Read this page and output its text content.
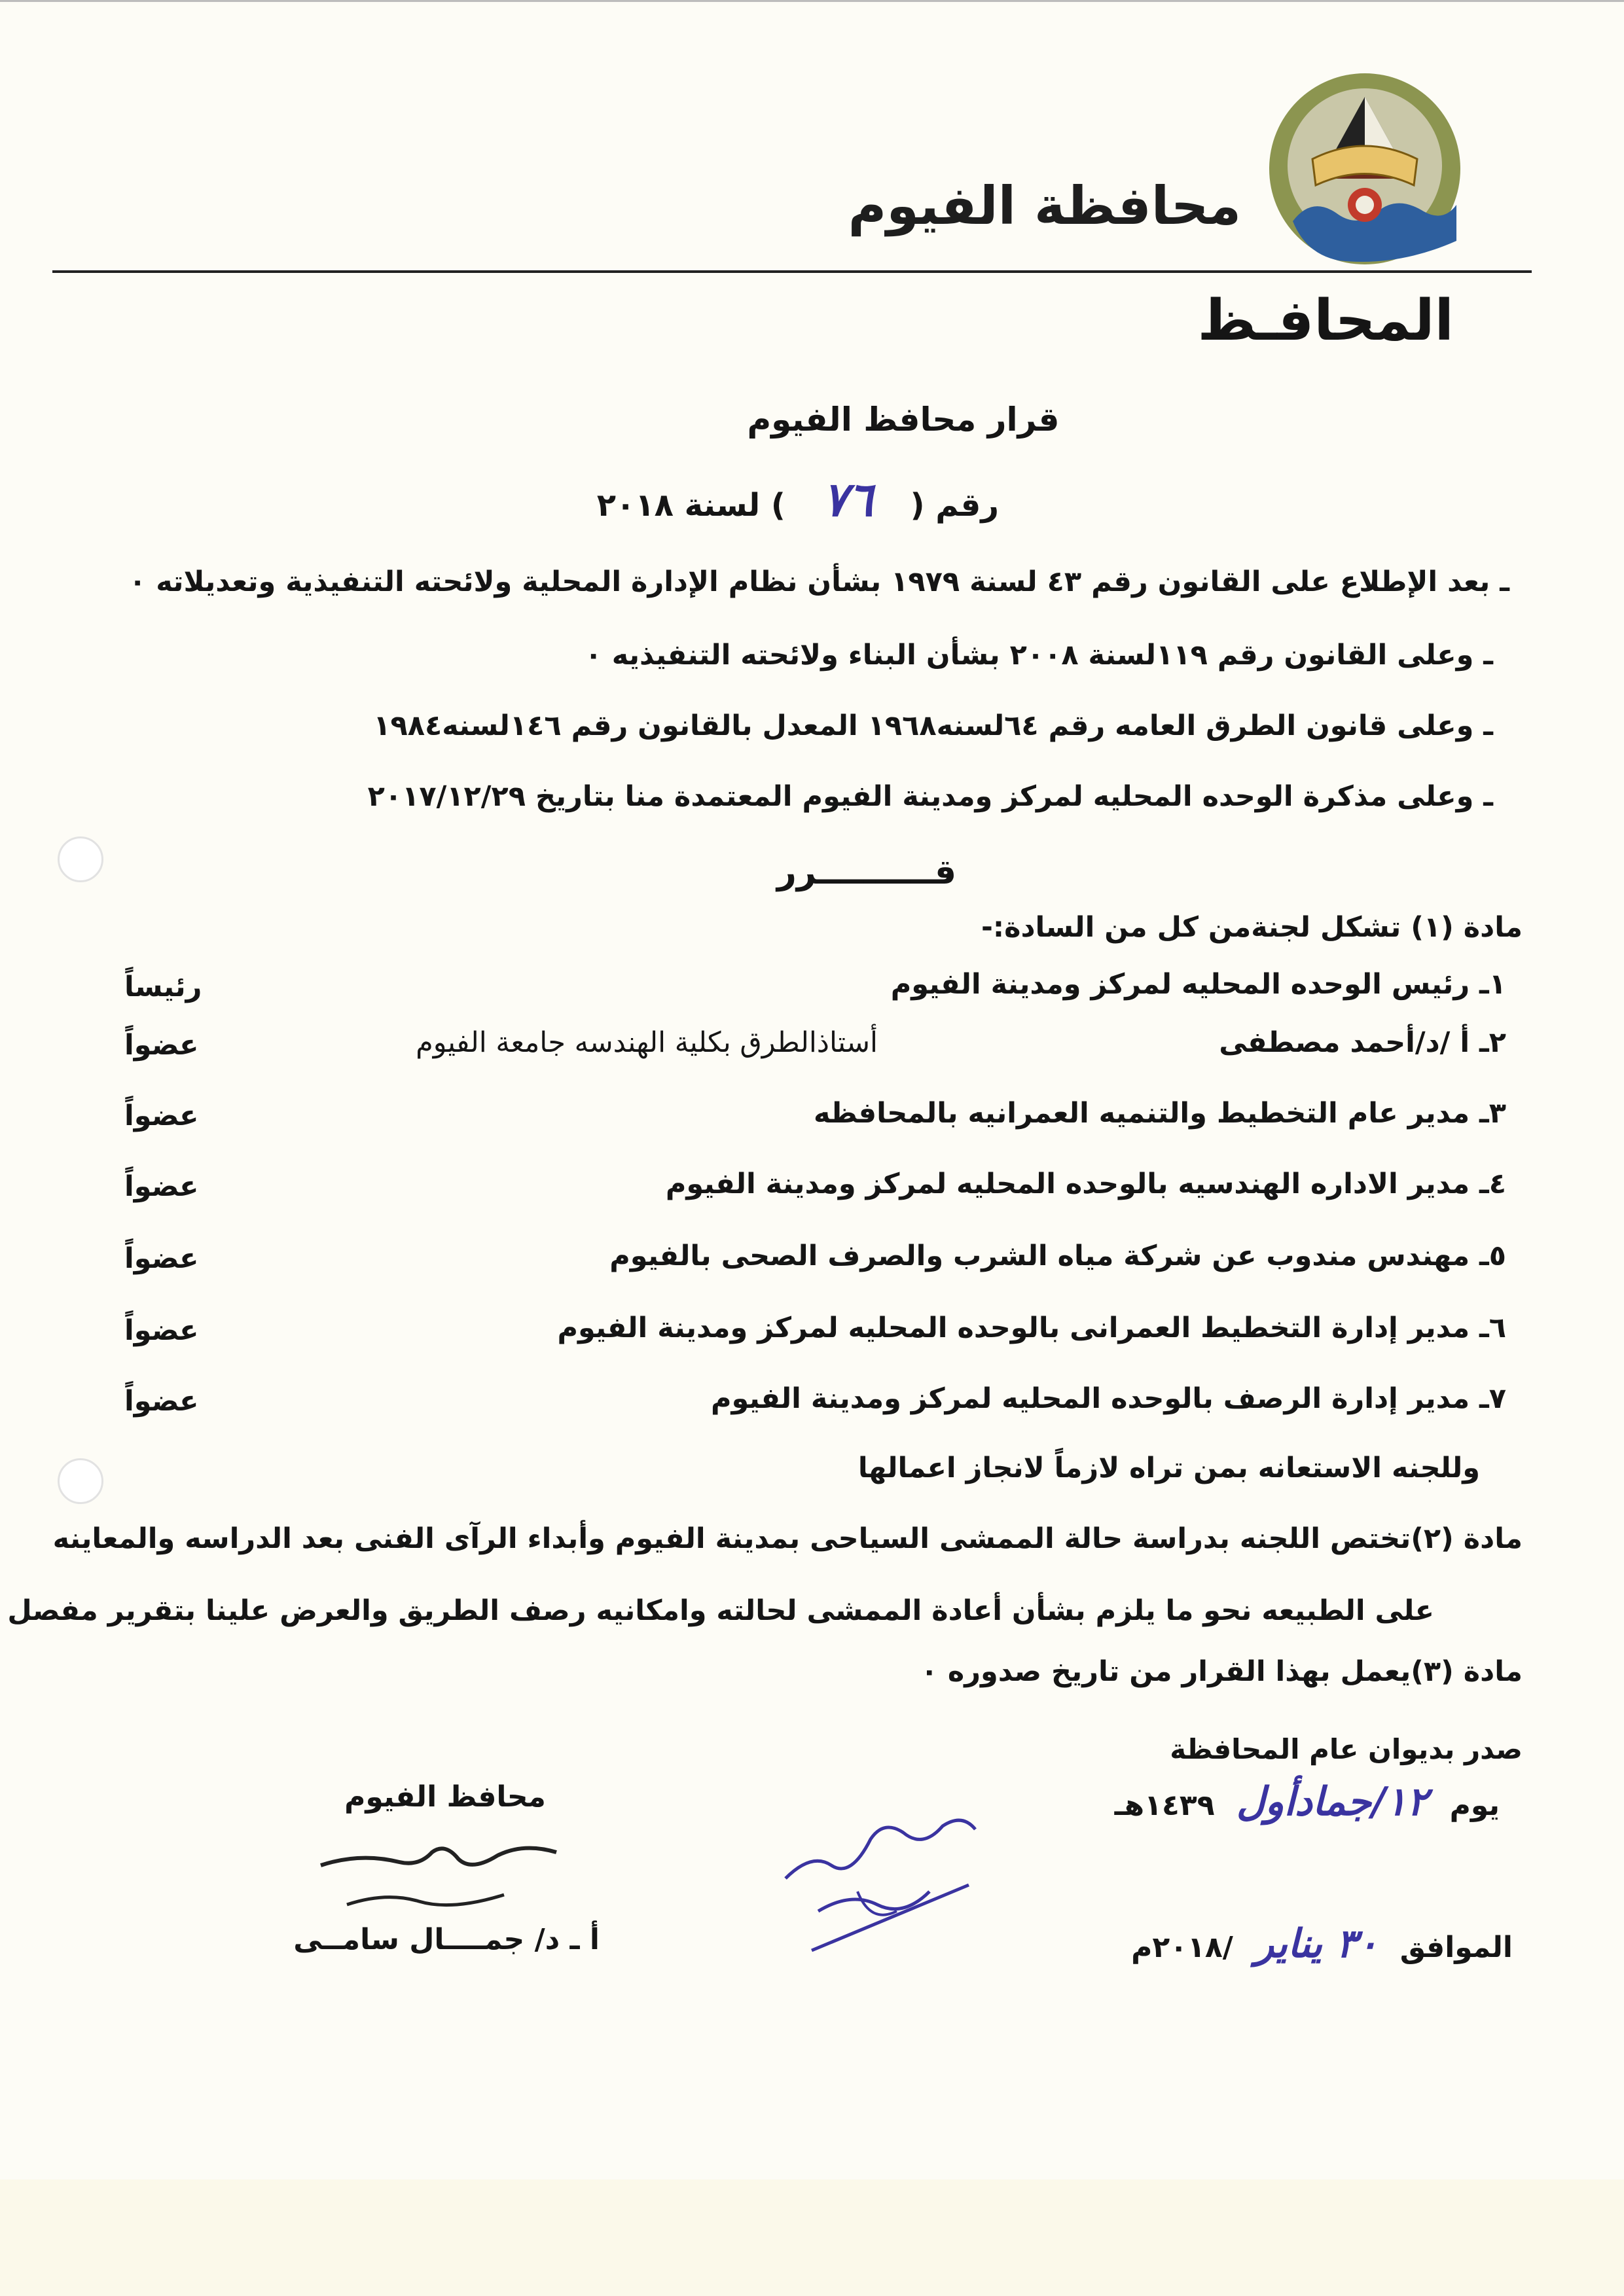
محافظة الفيوم
المحافـظ
قرار محافظ الفيوم
رقم ( ٧٦ ) لسنة ٢٠١٨
ـ بعد الإطلاع على القانون رقم ٤٣ لسنة ١٩٧٩ بشأن نظام الإدارة المحلية ولائحته التنفيذية وتعديلاته ٠
ـ وعلى القانون رقم ١١٩لسنة ٢٠٠٨ بشأن البناء ولائحته التنفيذيه ٠
ـ وعلى قانون الطرق العامه رقم ٦٤لسنه١٩٦٨ المعدل بالقانون رقم ١٤٦لسنه١٩٨٤
ـ وعلى مذكرة الوحده المحليه لمركز ومدينة الفيوم المعتمدة منا بتاريخ ٢٠١٧/١٢/٢٩
قــــــــــرر
مادة (١) تشكل لجنةمن كل من السادة:-
١ـ رئيس الوحده المحليه لمركز ومدينة الفيوم
رئيساً
٢ـ أ /د/أحمد مصطفى
أستاذالطرق بكلية الهندسه جامعة الفيوم
عضواً
٣ـ مدير عام التخطيط والتنميه العمرانيه بالمحافظه
عضواً
٤ـ مدير الاداره الهندسيه بالوحده المحليه لمركز ومدينة الفيوم
عضواً
٥ـ مهندس مندوب عن شركة مياه الشرب والصرف الصحى بالفيوم
عضواً
٦ـ مدير إدارة التخطيط العمرانى بالوحده المحليه لمركز ومدينة الفيوم
عضواً
٧ـ مدير إدارة الرصف بالوحده المحليه لمركز ومدينة الفيوم
عضواً
وللجنه الاستعانه بمن تراه لازماً لانجاز اعمالها
مادة (٢)تختص اللجنه بدراسة حالة الممشى السياحى بمدينة الفيوم وأبداء الرآى الفنى بعد الدراسه والمعاينه
على الطبيعه نحو ما يلزم بشأن أعادة الممشى لحالته وامكانيه رصف الطريق والعرض علينا بتقرير مفصل
مادة (٣)يعمل بهذا القرار من تاريخ صدوره ٠
صدر بديوان عام المحافظة
يوم ١٢/جمادأول ١٤٣٩هـ
الموافق ٣٠ يناير /٢٠١٨م
محافظ الفيوم
أ ـ د/ جمــــال سامــى
